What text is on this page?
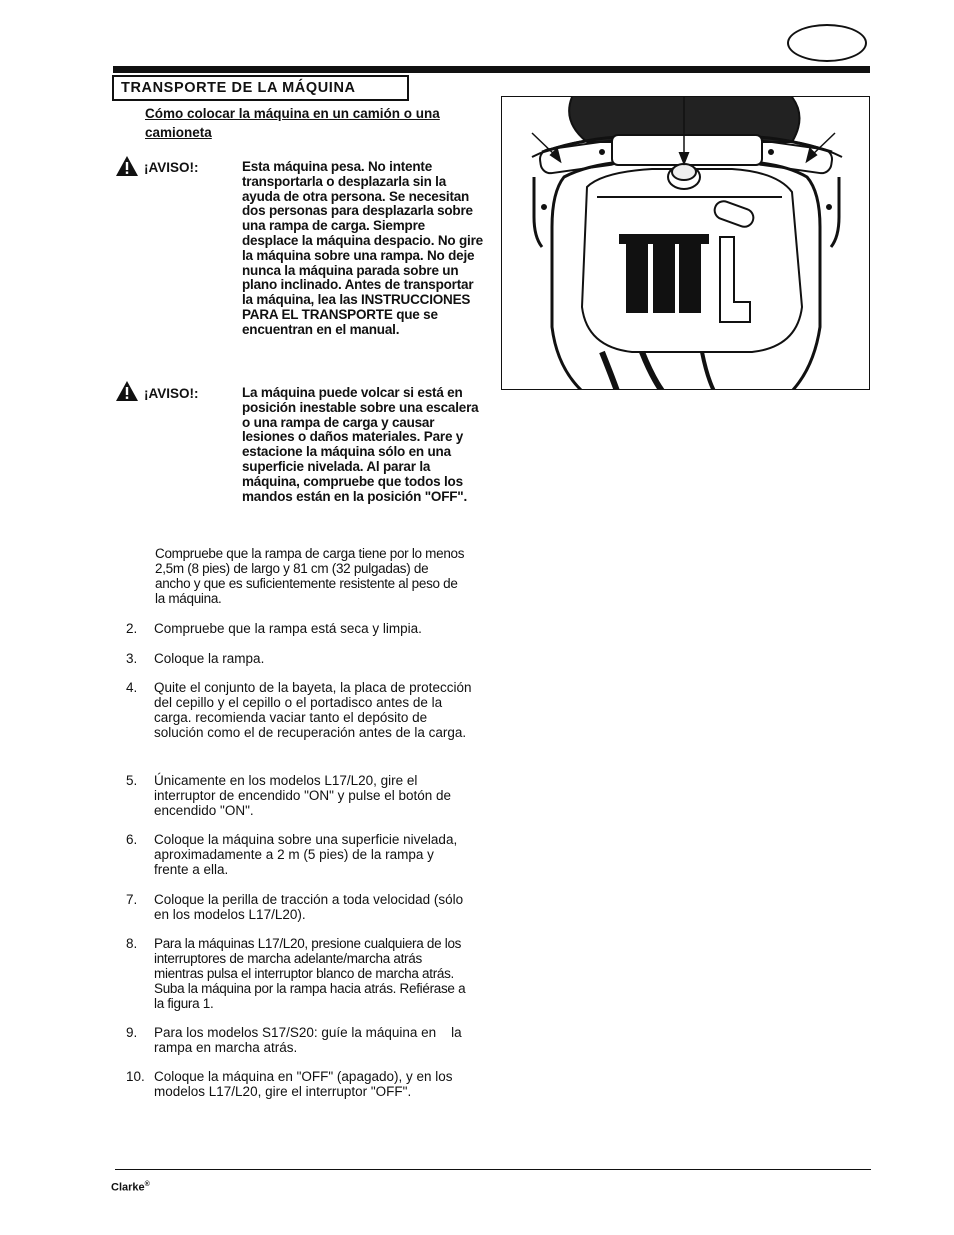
TRANSPORTE DE LA MÁQUINA
Cómo colocar la máquina en un camión o una camioneta
¡AVISO!:	Esta máquina pesa. No intente transportarla o desplazarla sin la ayuda de otra persona. Se necesitan dos personas para desplazarla sobre una rampa de carga. Siempre desplace la máquina despacio. No gire la máquina sobre una rampa. No deje nunca la máquina parada sobre un plano inclinado. Antes de transportar la máquina, lea las INSTRUCCIONES PARA EL TRANSPORTE que se encuentran en el manual.
¡AVISO!:	La máquina puede volcar si está en posición inestable sobre una escalera o una rampa de carga y causar lesiones o daños materiales. Pare y estacione la máquina sólo en una superficie nivelada. Al parar la máquina, compruebe que todos los mandos están en la posición "OFF".
Compruebe que la rampa de carga tiene por lo menos 2,5m (8 pies) de largo y 81 cm (32 pulgadas) de ancho y que es suficientemente resistente al peso de la máquina.
2. Compruebe que la rampa está seca y limpia.
3. Coloque la rampa.
4. Quite el conjunto de la bayeta, la placa de protección del cepillo y el cepillo o el portadisco antes de la carga. recomienda vaciar tanto el depósito de solución como el de recuperación antes de la carga.
5. Únicamente en los modelos L17/L20, gire el interruptor de encendido "ON" y pulse el botón de encendido "ON".
6. Coloque la máquina sobre una superficie nivelada, aproximadamente a 2 m (5 pies) de la rampa y frente a ella.
7. Coloque la perilla de tracción a toda velocidad (sólo en los modelos L17/L20).
8. Para la máquinas L17/L20, presione cualquiera de los interruptores de marcha adelante/marcha atrás mientras pulsa el interruptor blanco de marcha atrás. Suba la máquina por la rampa hacia atrás. Refiérase a la figura 1.
9. Para los modelos S17/S20: guíe la máquina en    la rampa en marcha atrás.
10. Coloque la máquina en "OFF" (apagado), y en los modelos L17/L20, gire el interruptor "OFF".
Clarke®
